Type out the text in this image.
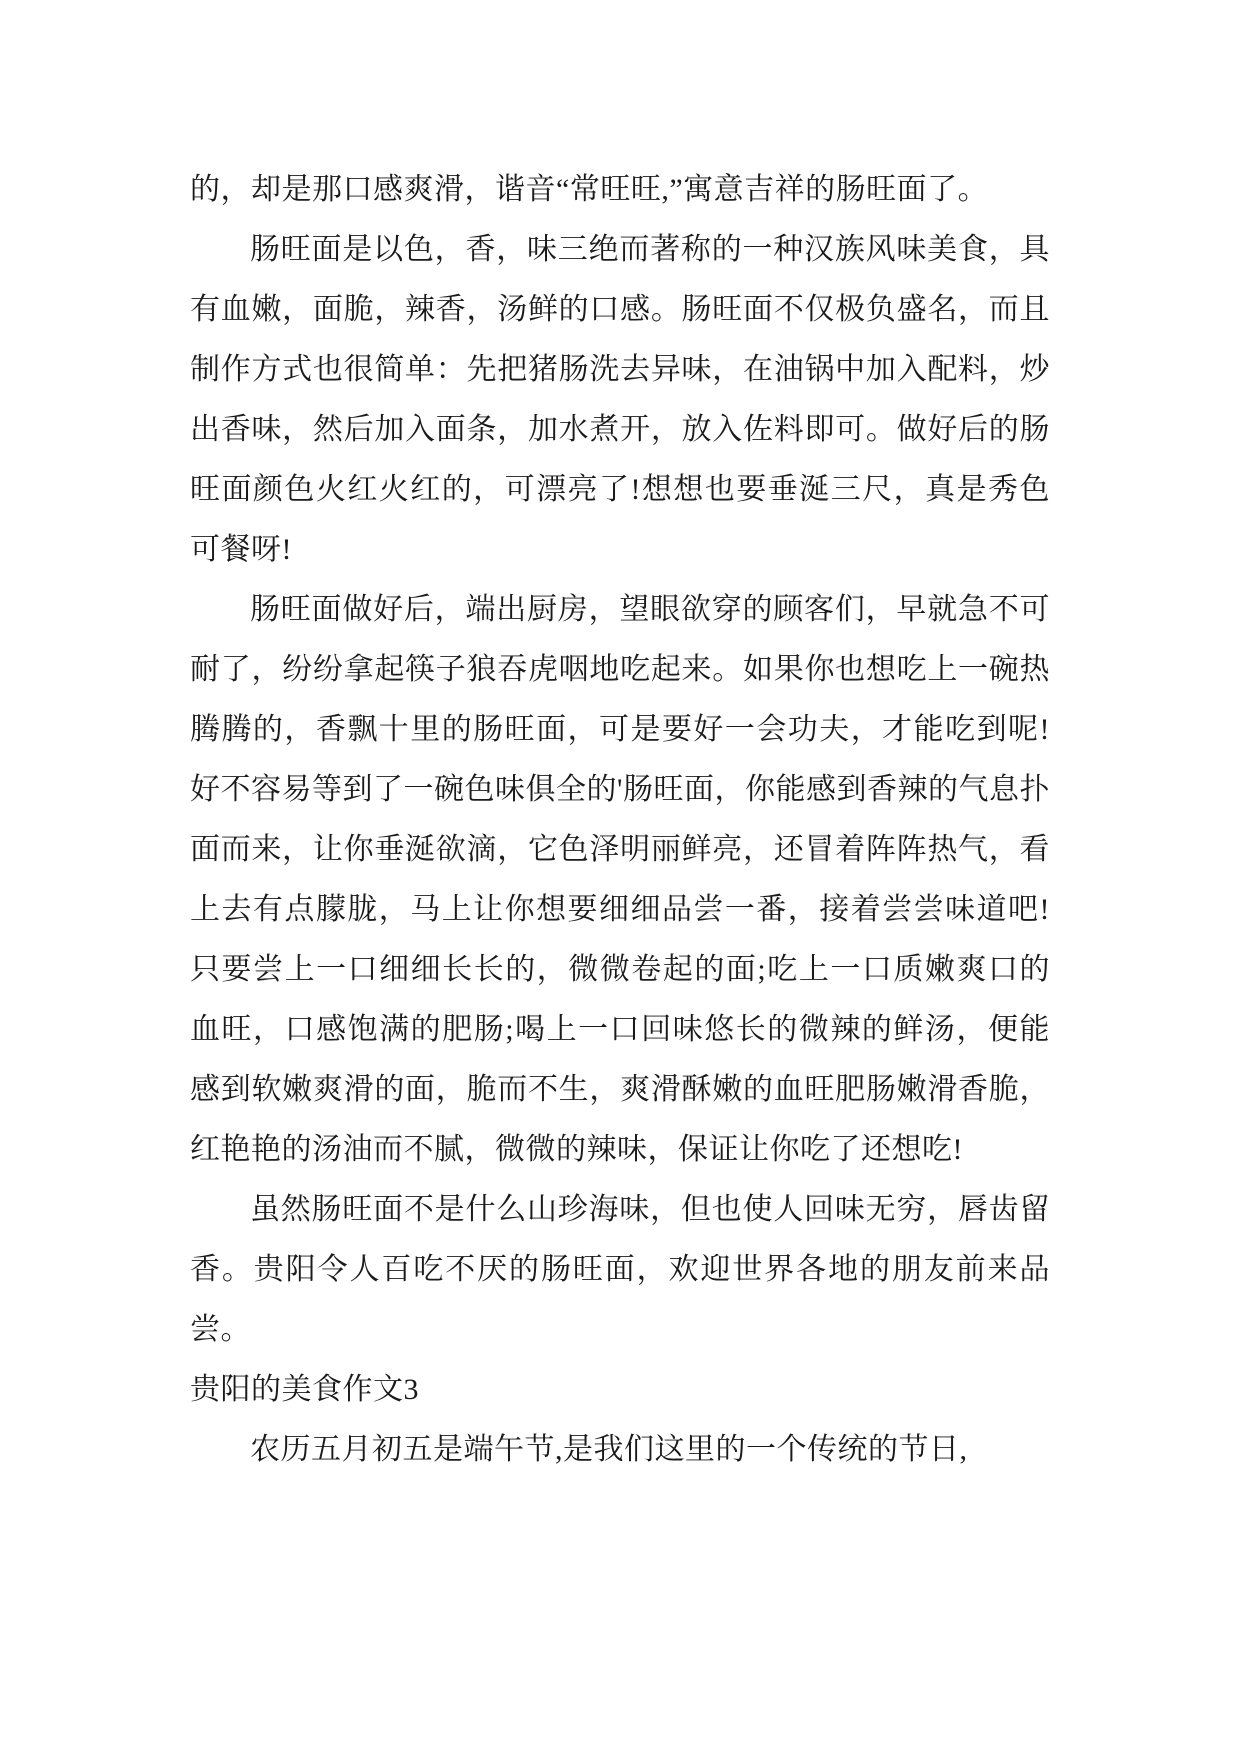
的，却是那口感爽滑，谐音“常旺旺,”寓意吉祥的肠旺面了。

肠旺面是以色，香，味三绝而著称的一种汉族风味美食，具有血嫩，面脆，辣香，汤鲜的口感。肠旺面不仅极负盛名，而且制作方式也很简单：先把猪肠洗去异味，在油锅中加入配料，炒出香味，然后加入面条，加水煮开，放入佐料即可。做好后的肠旺面颜色火红火红的，可漂亮了!想想也要垂涎三尺，真是秀色可餐呀!

肠旺面做好后，端出厨房，望眼欲穿的顾客们，早就急不可耐了，纷纷拿起筷子狼吞虎咽地吃起来。如果你也想吃上一碗热腾腾的，香飘十里的肠旺面，可是要好一会功夫，才能吃到呢!好不容易等到了一碗色味俱全的'肠旺面，你能感到香辣的气息扑面而来，让你垂涎欲滴，它色泽明丽鲜亮，还冒着阵阵热气，看上去有点朦胧，马上让你想要细细品尝一番，接着尝尝味道吧!只要尝上一口细细长长的，微微卷起的面;吃上一口质嫩爽口的血旺，口感饱满的肥肠;喝上一口回味悠长的微辣的鲜汤，便能感到软嫩爽滑的面，脆而不生，爽滑酥嫩的血旺肥肠嫩滑香脆，红艳艳的汤油而不腻，微微的辣味，保证让你吃了还想吃!

虽然肠旺面不是什么山珍海味，但也使人回味无穷，唇齿留香。贵阳令人百吃不厌的肠旺面，欢迎世界各地的朋友前来品尝。

贵阳的美食作文3

农历五月初五是端午节,是我们这里的一个传统的节日,
